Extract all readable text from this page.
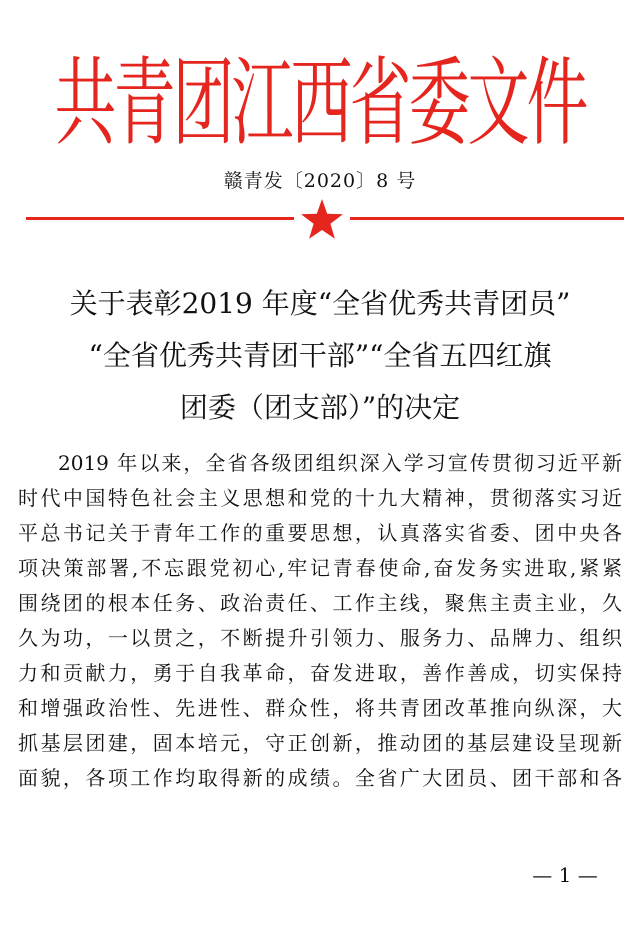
共青团江西省委文件
赣青发〔2020〕8 号
关于表彰2019 年度“全省优秀共青团员”
“全省优秀共青团干部”“全省五四红旗
团委（团支部）”的决定
2019 年以来，全省各级团组织深入学习宣传贯彻习近平新
时代中国特色社会主义思想和党的十九大精神，贯彻落实习近
平总书记关于青年工作的重要思想，认真落实省委、团中央各
项决策部署,不忘跟党初心,牢记青春使命,奋发务实进取,紧紧
围绕团的根本任务、政治责任、工作主线，聚焦主责主业，久
久为功，一以贯之，不断提升引领力、服务力、品牌力、组织
力和贡献力，勇于自我革命，奋发进取，善作善成，切实保持
和增强政治性、先进性、群众性，将共青团改革推向纵深，大
抓基层团建，固本培元，守正创新，推动团的基层建设呈现新
面貌，各项工作均取得新的成绩。全省广大团员、团干部和各
— 1 —
